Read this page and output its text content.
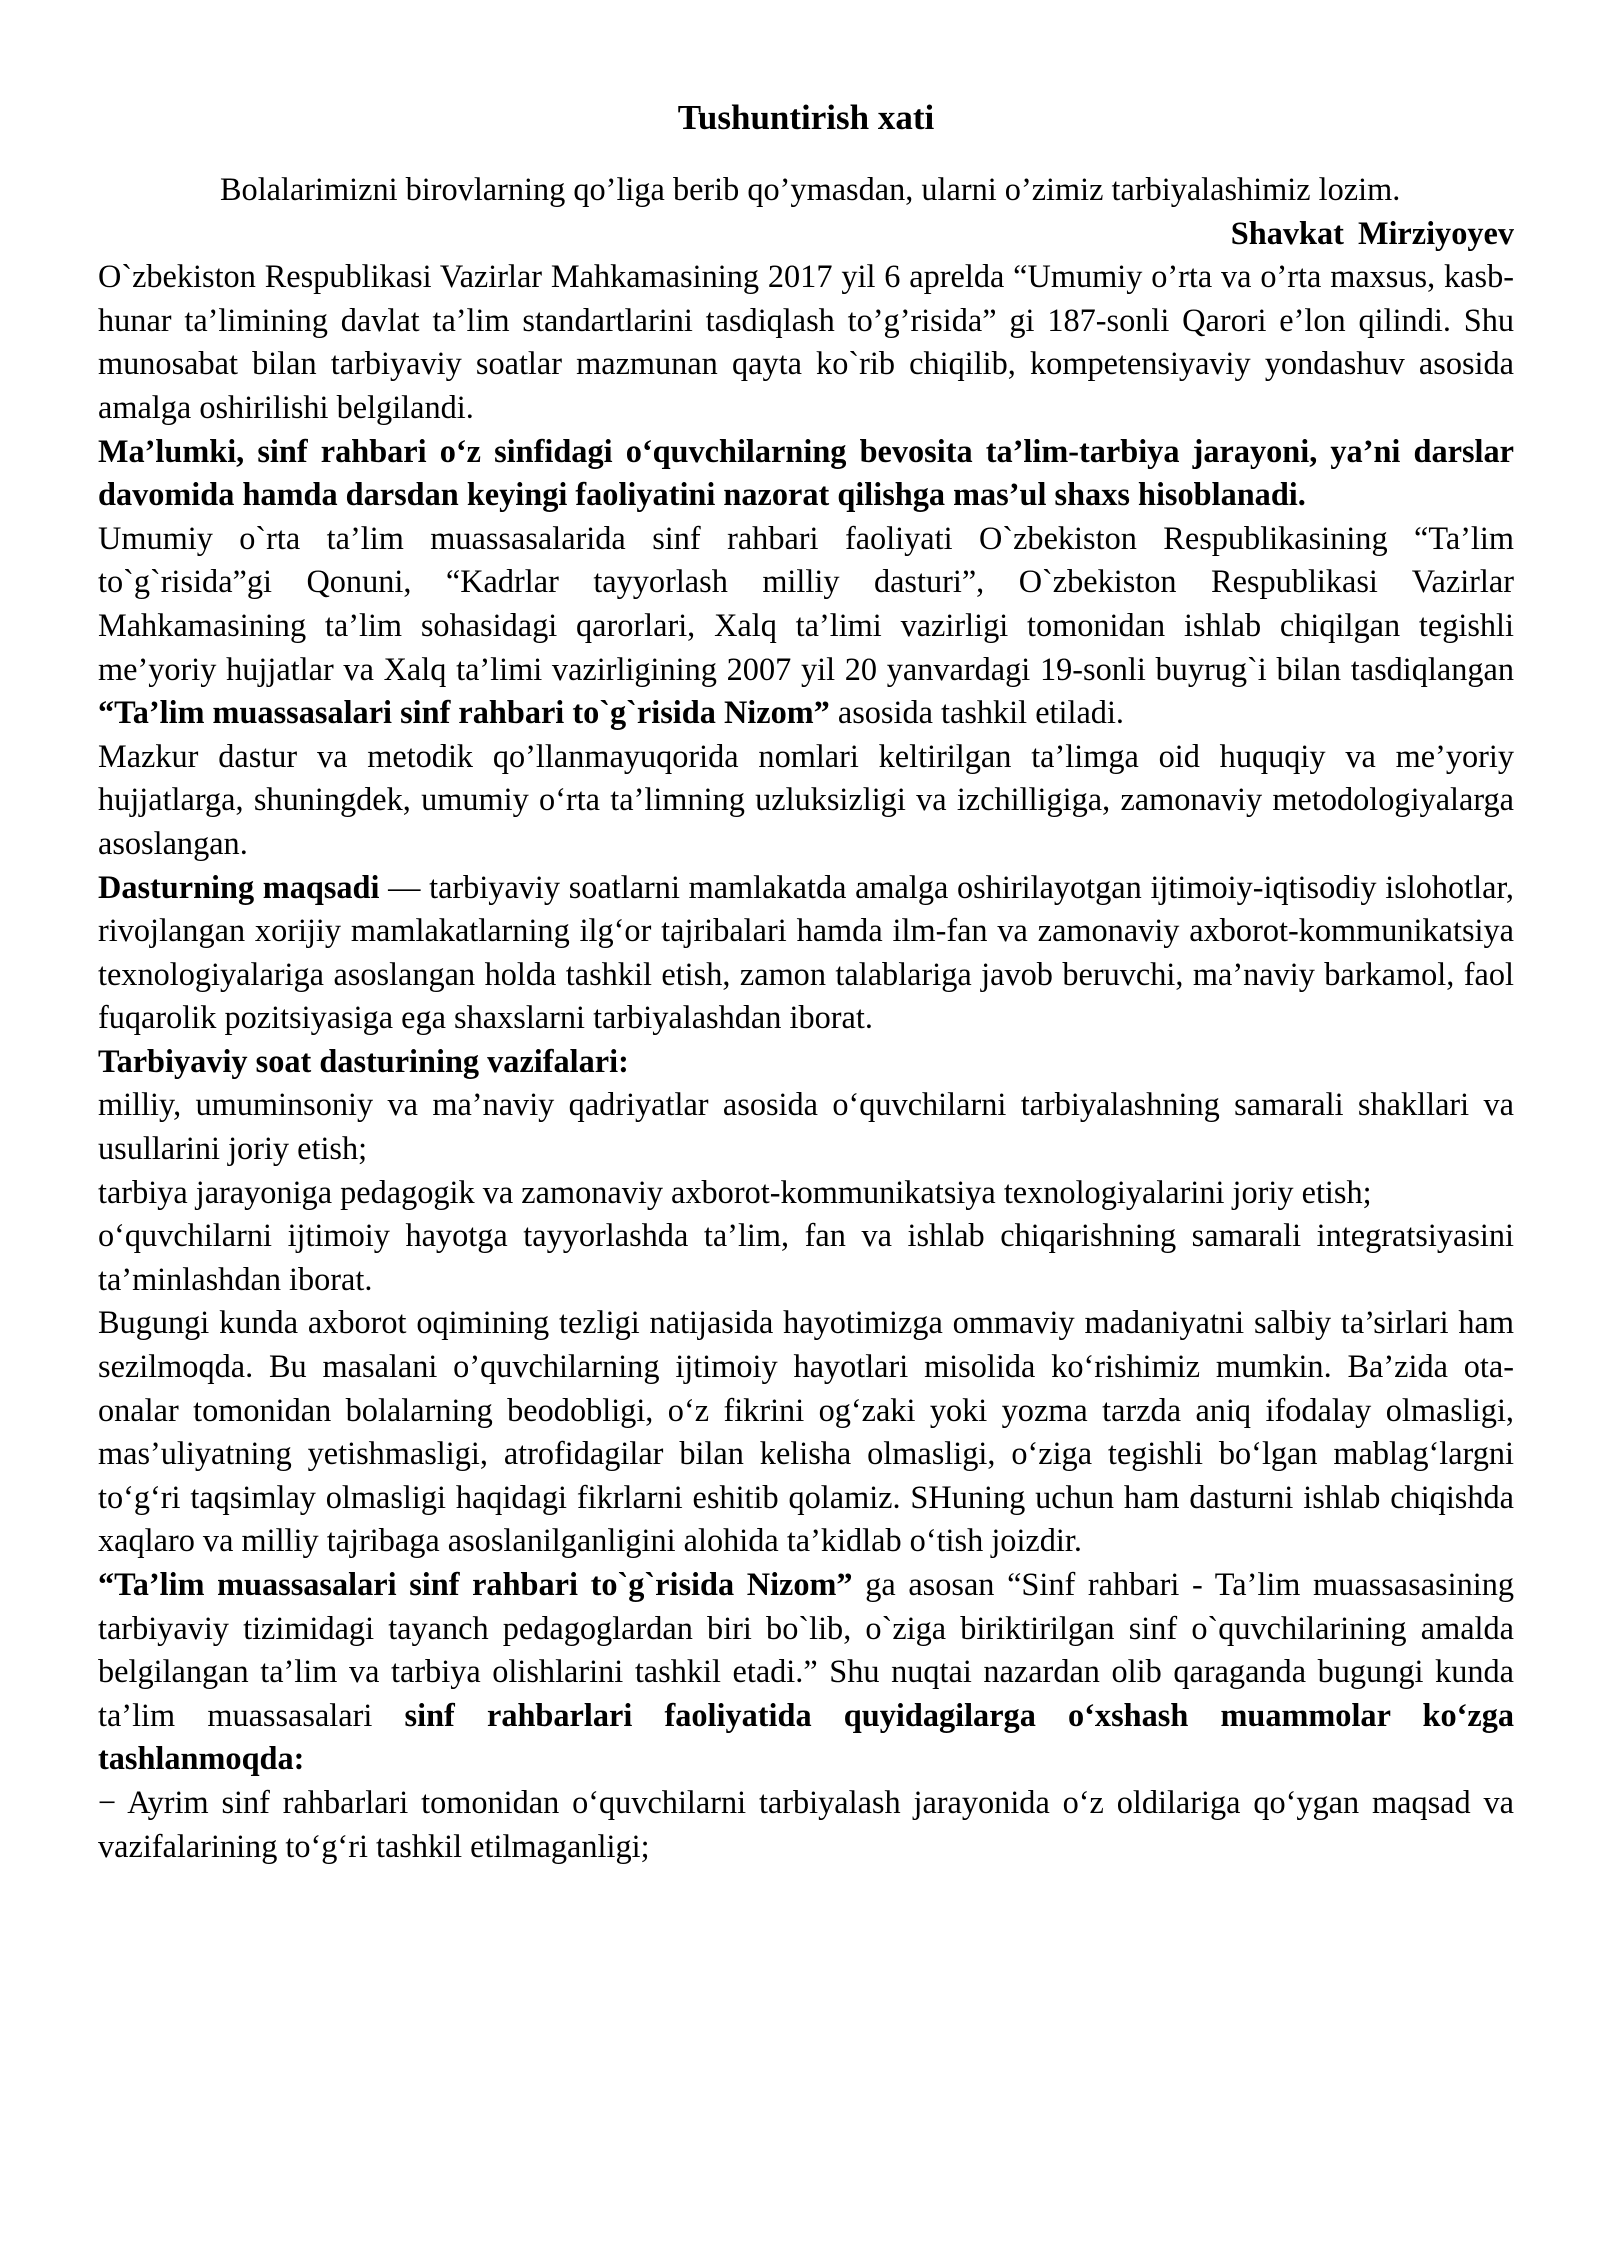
Tushuntirish xati

Bolalarimizni birovlarning qo’liga berib qo’ymasdan, ularni o’zimiz tarbiyalashimiz lozim.

Shavkat Mirziyoyev

O`zbekiston Respublikasi Vazirlar Mahkamasining 2017 yil 6 aprelda “Umumiy o’rta va o’rta maxsus, kasb-hunar ta’limining davlat ta’lim standartlarini tasdiqlash to’g’risida” gi 187-sonli Qarori e’lon qilindi. Shu munosabat bilan tarbiyaviy soatlar mazmunan qayta ko`rib chiqilib, kompetensiyaviy yondashuv asosida amalga oshirilishi belgilandi.

Ma’lumki, sinf rahbari o‘z sinfidagi o‘quvchilarning bevosita ta’lim-tarbiya jarayoni, ya’ni darslar davomida hamda darsdan keyingi faoliyatini nazorat qilishga mas’ul shaxs hisoblanadi.

Umumiy o`rta ta’lim muassasalarida sinf rahbari faoliyati O`zbekiston Respublikasining “Ta’lim to`g`risida”gi Qonuni, “Kadrlar tayyorlash milliy dasturi”, O`zbekiston Respublikasi Vazirlar Mahkamasining ta’lim sohasidagi qarorlari, Xalq ta’limi vazirligi tomonidan ishlab chiqilgan tegishli me’yoriy hujjatlar va Xalq ta’limi vazirligining 2007 yil 20 yanvardagi 19-sonli buyrug`i bilan tasdiqlangan “Ta’lim muassasalari sinf rahbari to`g`risida Nizom” asosida tashkil etiladi.

Mazkur dastur va metodik qo’llanmayuqorida nomlari keltirilgan ta’limga oid huquqiy va me’yoriy hujjatlarga, shuningdek, umumiy o‘rta ta’limning uzluksizligi va izchilligiga, zamonaviy metodologiyalarga asoslangan.

Dasturning maqsadi — tarbiyaviy soatlarni mamlakatda amalga oshirilayotgan ijtimoiy-iqtisodiy islohotlar, rivojlangan xorijiy mamlakatlarning ilg‘or tajribalari hamda ilm-fan va zamonaviy axborot-kommunikatsiya texnologiyalariga asoslangan holda tashkil etish, zamon talablariga javob beruvchi, ma’naviy barkamol, faol fuqarolik pozitsiyasiga ega shaxslarni tarbiyalashdan iborat.

Tarbiyaviy soat dasturining vazifalari:

milliy, umuminsoniy va ma’naviy qadriyatlar asosida o‘quvchilarni tarbiyalashning samarali shakllari va usullarini joriy etish;

tarbiya jarayoniga pedagogik va zamonaviy axborot-kommunikatsiya texnologiyalarini joriy etish;

o‘quvchilarni ijtimoiy hayotga tayyorlashda ta’lim, fan va ishlab chiqarishning samarali integratsiyasini ta’minlashdan iborat.

Bugungi kunda axborot oqimining tezligi natijasida hayotimizga ommaviy madaniyatni salbiy ta’sirlari ham sezilmoqda. Bu masalani o’quvchilarning ijtimoiy hayotlari misolida ko‘rishimiz mumkin. Ba’zida ota-onalar tomonidan bolalarning beodobligi, o‘z fikrini og‘zaki yoki yozma tarzda aniq ifodalay olmasligi, mas’uliyatning yetishmasligi, atrofidagilar bilan kelisha olmasligi, o‘ziga tegishli bo‘lgan mablag‘largni to‘g‘ri taqsimlay olmasligi haqidagi fikrlarni eshitib qolamiz. SHuning uchun ham dasturni ishlab chiqishda xaqlaro va milliy tajribaga asoslanilganligini alohida ta’kidlab o‘tish joizdir.

“Ta’lim muassasalari sinf rahbari to`g`risida Nizom” ga asosan “Sinf rahbari - Ta’lim muassasasining tarbiyaviy tizimidagi tayanch pedagoglardan biri bo`lib, o`ziga biriktirilgan sinf o`quvchilarining amalda belgilangan ta’lim va tarbiya olishlarini tashkil etadi.” Shu nuqtai nazardan olib qaraganda bugungi kunda ta’lim muassasalari sinf rahbarlari faoliyatida quyidagilarga o‘xshash muammolar ko‘zga tashlanmoqda:

− Ayrim sinf rahbarlari tomonidan o‘quvchilarni tarbiyalash jarayonida o‘z oldilariga qo‘ygan maqsad va vazifalarining to‘g‘ri tashkil etilmaganligi;
